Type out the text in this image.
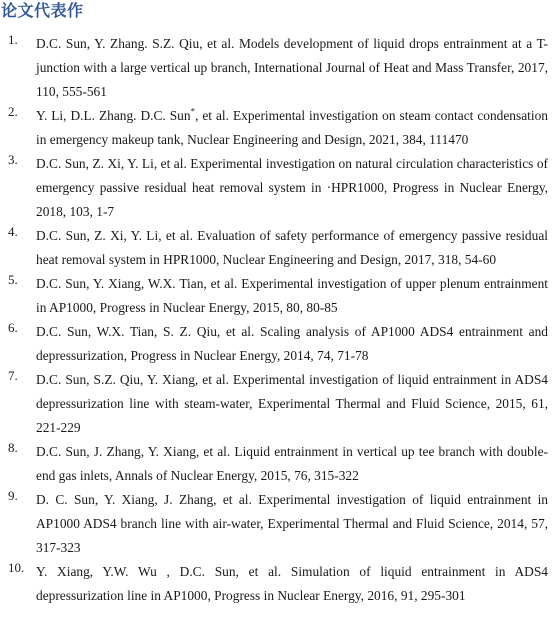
论文代表作
1. D.C. Sun, Y. Zhang. S.Z. Qiu, et al. Models development of liquid drops entrainment at a T-junction with a large vertical up branch, International Journal of Heat and Mass Transfer, 2017, 110, 555-561
2. Y. Li, D.L. Zhang. D.C. Sun*, et al. Experimental investigation on steam contact condensation in emergency makeup tank, Nuclear Engineering and Design, 2021, 384, 111470
3. D.C. Sun, Z. Xi, Y. Li, et al. Experimental investigation on natural circulation characteristics of emergency passive residual heat removal system in ·HPR1000, Progress in Nuclear Energy, 2018, 103, 1-7
4. D.C. Sun, Z. Xi, Y. Li, et al. Evaluation of safety performance of emergency passive residual heat removal system in HPR1000, Nuclear Engineering and Design, 2017, 318, 54-60
5. D.C. Sun, Y. Xiang, W.X. Tian, et al. Experimental investigation of upper plenum entrainment in AP1000, Progress in Nuclear Energy, 2015, 80, 80-85
6. D.C. Sun, W.X. Tian, S. Z. Qiu, et al. Scaling analysis of AP1000 ADS4 entrainment and depressurization, Progress in Nuclear Energy, 2014, 74, 71-78
7. D.C. Sun, S.Z. Qiu, Y. Xiang, et al. Experimental investigation of liquid entrainment in ADS4 depressurization line with steam-water, Experimental Thermal and Fluid Science, 2015, 61, 221-229
8. D.C. Sun, J. Zhang, Y. Xiang, et al. Liquid entrainment in vertical up tee branch with double-end gas inlets, Annals of Nuclear Energy, 2015, 76, 315-322
9. D. C. Sun, Y. Xiang, J. Zhang, et al. Experimental investigation of liquid entrainment in AP1000 ADS4 branch line with air-water, Experimental Thermal and Fluid Science, 2014, 57, 317-323
10. Y. Xiang, Y.W. Wu , D.C. Sun, et al. Simulation of liquid entrainment in ADS4 depressurization line in AP1000, Progress in Nuclear Energy, 2016, 91, 295-301
